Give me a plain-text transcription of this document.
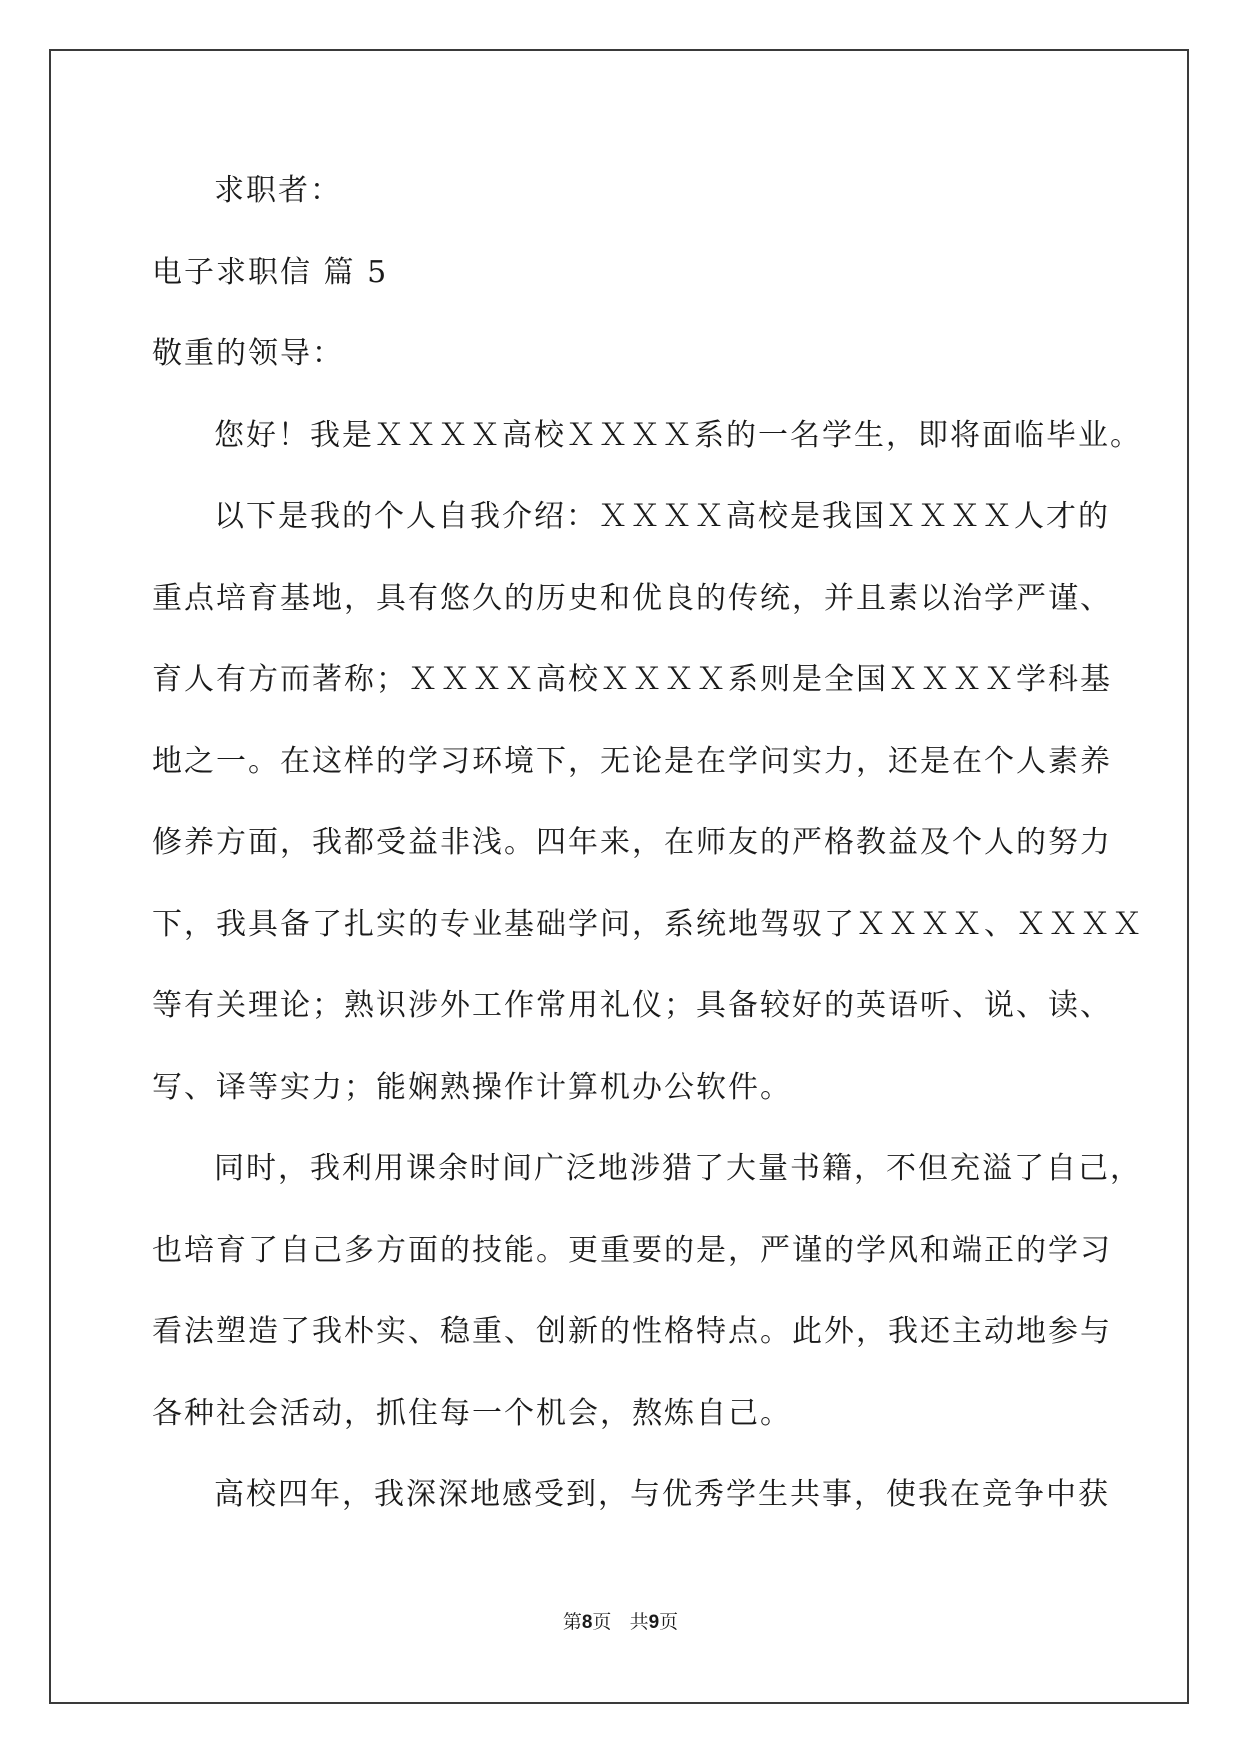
求职者：
电子求职信 篇 5
敬重的领导：
您好！我是ＸＸＸＸ高校ＸＸＸＸ系的一名学生，即将面临毕业。
以下是我的个人自我介绍：ＸＸＸＸ高校是我国ＸＸＸＸ人才的
重点培育基地，具有悠久的历史和优良的传统，并且素以治学严谨、
育人有方而著称；ＸＸＸＸ高校ＸＸＸＸ系则是全国ＸＸＸＸ学科基
地之一。在这样的学习环境下，无论是在学问实力，还是在个人素养
修养方面，我都受益非浅。四年来，在师友的严格教益及个人的努力
下，我具备了扎实的专业基础学问，系统地驾驭了ＸＸＸＸ、ＸＸＸＸ
等有关理论；熟识涉外工作常用礼仪；具备较好的英语听、说、读、
写、译等实力；能娴熟操作计算机办公软件。
同时，我利用课余时间广泛地涉猎了大量书籍，不但充溢了自己，
也培育了自己多方面的技能。更重要的是，严谨的学风和端正的学习
看法塑造了我朴实、稳重、创新的性格特点。此外，我还主动地参与
各种社会活动，抓住每一个机会，熬炼自己。
高校四年，我深深地感受到，与优秀学生共事，使我在竞争中获
第8页 共9页
